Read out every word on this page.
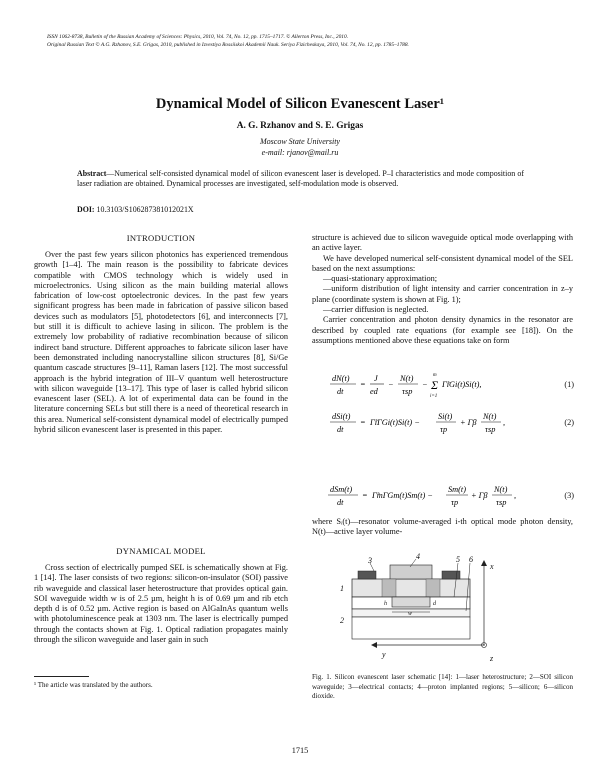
ISSN 1062-8738, Bulletin of the Russian Academy of Sciences: Physics, 2010, Vol. 74, No. 12, pp. 1715–1717. © Allerton Press, Inc., 2010.
Original Russian Text © A.G. Rzhanov, S.E. Grigas, 2010, published in Izvestiya Rossiiskoi Akademii Nauk. Seriya Fizicheskaya, 2010, Vol. 74, No. 12, pp. 1785–1788.
Dynamical Model of Silicon Evanescent Laser¹
A. G. Rzhanov and S. E. Grigas
Moscow State University
e-mail: rjanov@mail.ru
Abstract—Numerical self-consisted dynamical model of silicon evanescent laser is developed. P–I characteristics and mode composition of laser radiation are obtained. Dynamical processes are investigated, self-modulation mode is observed.
DOI: 10.3103/S106287381012021X
INTRODUCTION

Over the past few years silicon photonics has experienced tremendous growth [1–4]. The main reason is the possibility to fabricate devices compatible with CMOS technology which is widely used in microelectronics. Using silicon as the main building material allows fabrication of low-cost optoelectronic devices. In the past few years significant progress has been made in fabrication of passive silicon based devices such as modulators [5], photodetectors [6], and interconnects [7], but still it is difficult to achieve lasing in silicon. The problem is the extremely low probability of radiative recombination because of silicon indirect band structure. Different approaches to fabricate silicon laser have been demonstrated including nanocrystalline silicon structures [8], Si/Ge quantum cascade structures [9–11], Raman lasers [12]. The most successful approach is the hybrid integration of III–V quantum well heterostructure with silicon waveguide [13–17]. This type of laser is called hybrid silicon evanescent laser (SEL). A lot of experimental data can be found in the literature concerning SELs but still there is a need of theoretical research in this area. Numerical self-consistent dynamical model of electrically pumped hybrid silicon evanescent laser is presented in this paper.

DYNAMICAL MODEL

Cross section of electrically pumped SEL is schematically shown at Fig. 1 [14]. The laser consists of two regions: silicon-on-insulator (SOI) passive rib waveguide and classical laser heterostructure that provides optical gain. SOI waveguide width w is of 2.5 µm, height h is of 0.69 µm and rib etch depth d is of 0.52 µm. Active region is based on AlGaInAs quantum wells with photoluminescence peak at 1303 nm. The laser is electrically pumped through the contacts shown at Fig. 1. Optical radiation propagates mainly through the silicon waveguide and laser gain in such

¹ The article was translated by the authors.

structure is achieved due to silicon waveguide optical mode overlapping with an active layer.

We have developed numerical self-consistent dynamical model of the SEL based on the next assumptions:

—quasi-stationary approximation;

—uniform distribution of light intensity and carrier concentration in z–y plane (coordinate system is shown at Fig. 1);

—carrier diffusion is neglected.

Carrier concentration and photon density dynamics in the resonator are described by coupled rate equations (for example see [18]). On the assumptions mentioned above these equations take on form

dN(t)
dt
=
J
ed
−
N(t)
τsp
− Σ
m
i=1
Γ̃iGi(t)Si(t),	(1)
dSi(t)
dt
= Γ̃iΓGi(t)Si(t) −
Si(t)
τp
+ Γβ
N(t)
τsp
,	(2)
dSm(t)
dt
= Γ̃mΓGm(t)Sm(t) −
Sm(t)
τp
+ Γβ
N(t)
τsp
,	(3)

where Sᵢ(t)—resonator volume-averaged i-th optical mode photon density, N(t)—active layer volume-

3	4	5 6
1
2
x
y	z
h	d
w
Fig. 1. Silicon evanescent laser schematic [14]: 1—laser heterostructure; 2—SOI silicon waveguide; 3—electrical contacts; 4—proton implanted regions; 5—silicon; 6—silicon dioxide.
1715
